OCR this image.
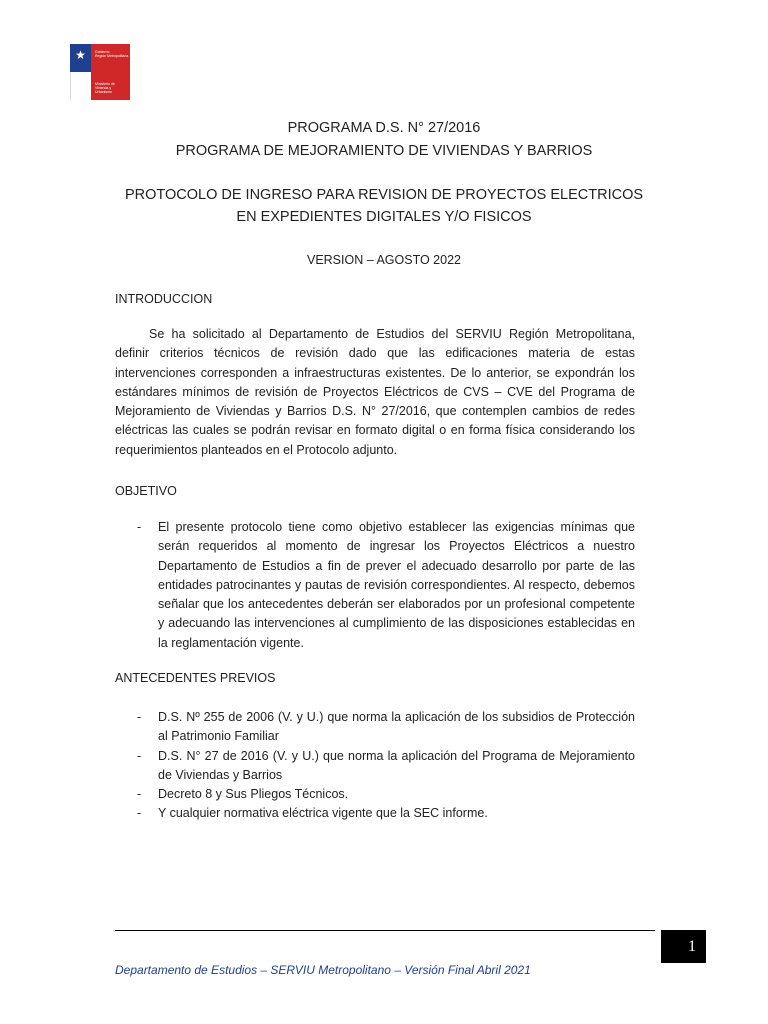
★	Gobierno
Región Metropolitana
Ministerio de
Vivienda y
Urbanismo
PROGRAMA D.S. N° 27/2016
PROGRAMA DE MEJORAMIENTO DE VIVIENDAS Y BARRIOS
PROTOCOLO DE INGRESO PARA REVISION DE PROYECTOS ELECTRICOS
EN EXPEDIENTES DIGITALES Y/O FISICOS
VERSION – AGOSTO 2022
INTRODUCCION
Se ha solicitado al Departamento de Estudios del SERVIU Región Metropolitana, definir criterios técnicos de revisión dado que las edificaciones materia de estas intervenciones corresponden a infraestructuras existentes. De lo anterior, se expondrán los estándares mínimos de revisión de Proyectos Eléctricos de CVS – CVE del Programa de Mejoramiento de Viviendas y Barrios D.S. N° 27/2016, que contemplen cambios de redes eléctricas las cuales se podrán revisar en formato digital o en forma física considerando los requerimientos planteados en el Protocolo adjunto.
OBJETIVO
- El presente protocolo tiene como objetivo establecer las exigencias mínimas que serán requeridos al momento de ingresar los Proyectos Eléctricos a nuestro Departamento de Estudios a fin de prever el adecuado desarrollo por parte de las entidades patrocinantes y pautas de revisión correspondientes. Al respecto, debemos señalar que los antecedentes deberán ser elaborados por un profesional competente y adecuando las intervenciones al cumplimiento de las disposiciones establecidas en la reglamentación vigente.
ANTECEDENTES PREVIOS
- D.S. Nº 255 de 2006 (V. y U.) que norma la aplicación de los subsidios de Protección al Patrimonio Familiar
- D.S. N° 27 de 2016 (V. y U.) que norma la aplicación del Programa de Mejoramiento de Viviendas y Barrios
- Decreto 8 y Sus Pliegos Técnicos.
- Y cualquier normativa eléctrica vigente que la SEC informe.
1
Departamento de Estudios – SERVIU Metropolitano – Versión Final Abril 2021
